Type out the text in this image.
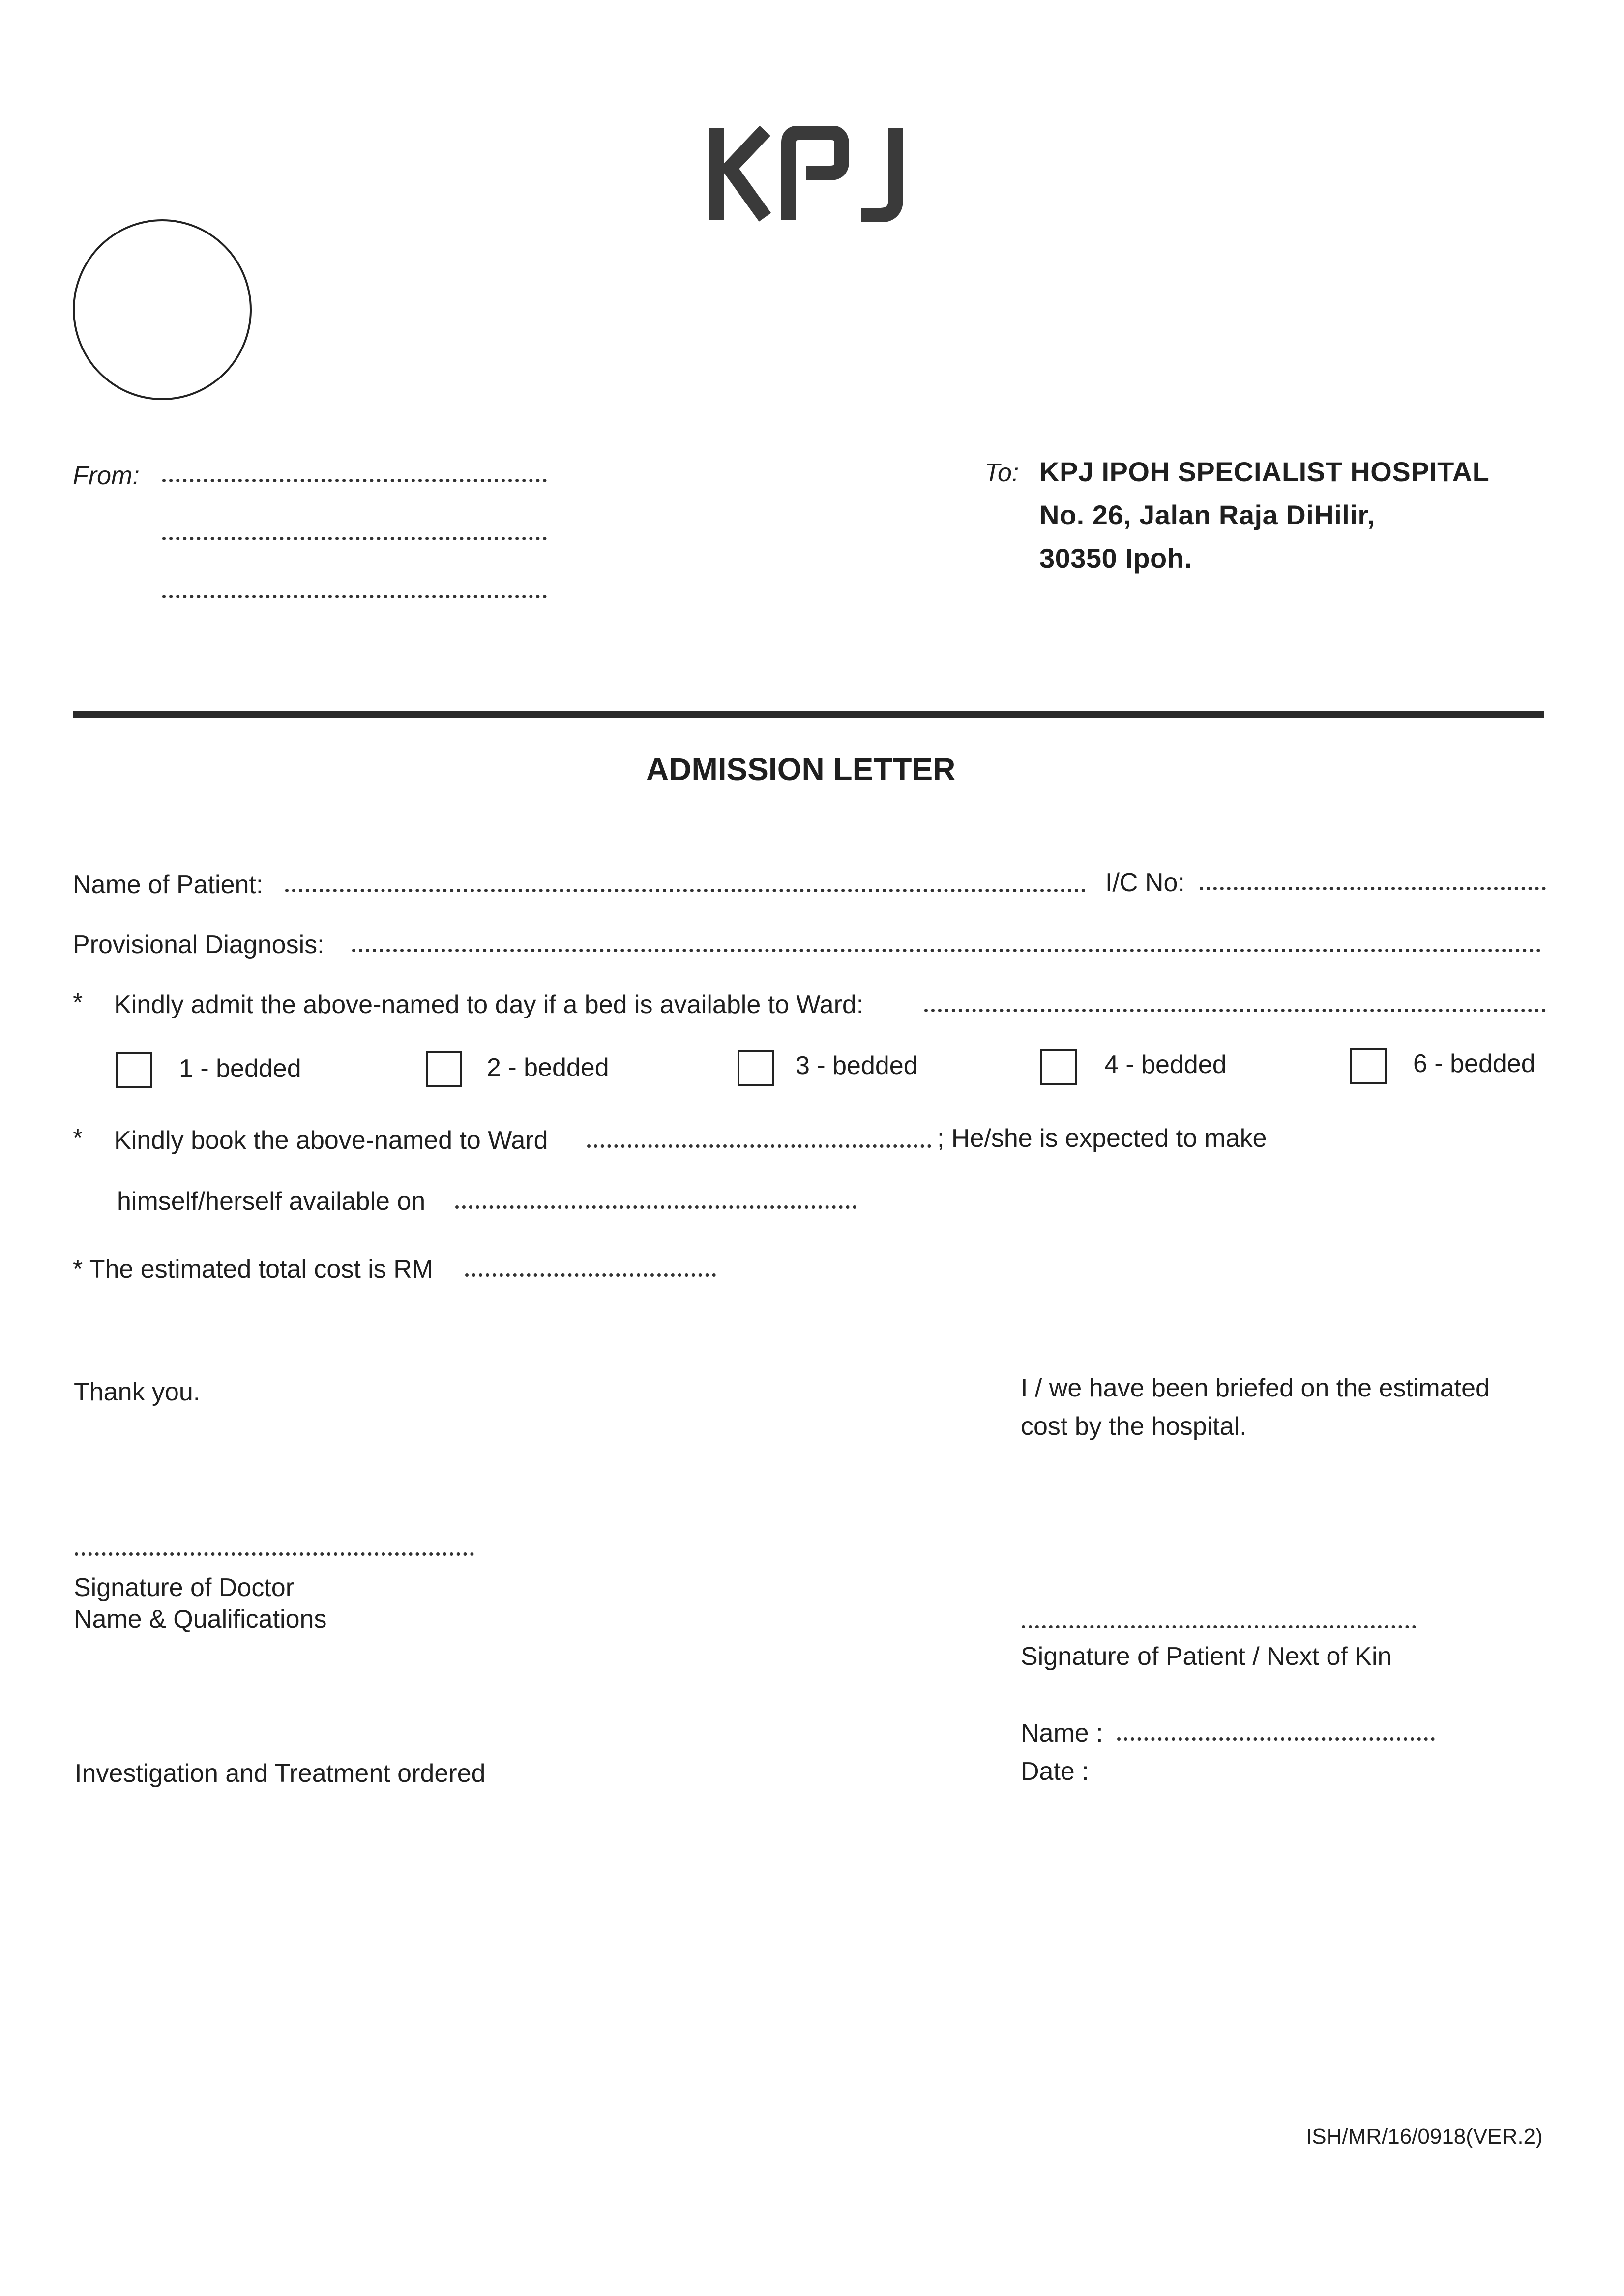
From:	To: KPJ IPOH SPECIALIST HOSPITAL
No. 26, Jalan Raja DiHilir,
30350 Ipoh.
ADMISSION LETTER
Name of Patient:	I/C No:
Provisional Diagnosis:
* Kindly admit the above-named to day if a bed is available to Ward:
1 - bedded	2 - bedded	3 - bedded	4 - bedded	6 - bedded
* Kindly book the above-named to Ward	; He/she is expected to make
himself/herself available on
* The estimated total cost is RM
Thank you.	I / we have been briefed on the estimated
cost by the hospital.
Signature of Doctor
Name & Qualifications
Signature of Patient / Next of Kin
Name :
Date :
Investigation and Treatment ordered
ISH/MR/16/0918(VER.2)
